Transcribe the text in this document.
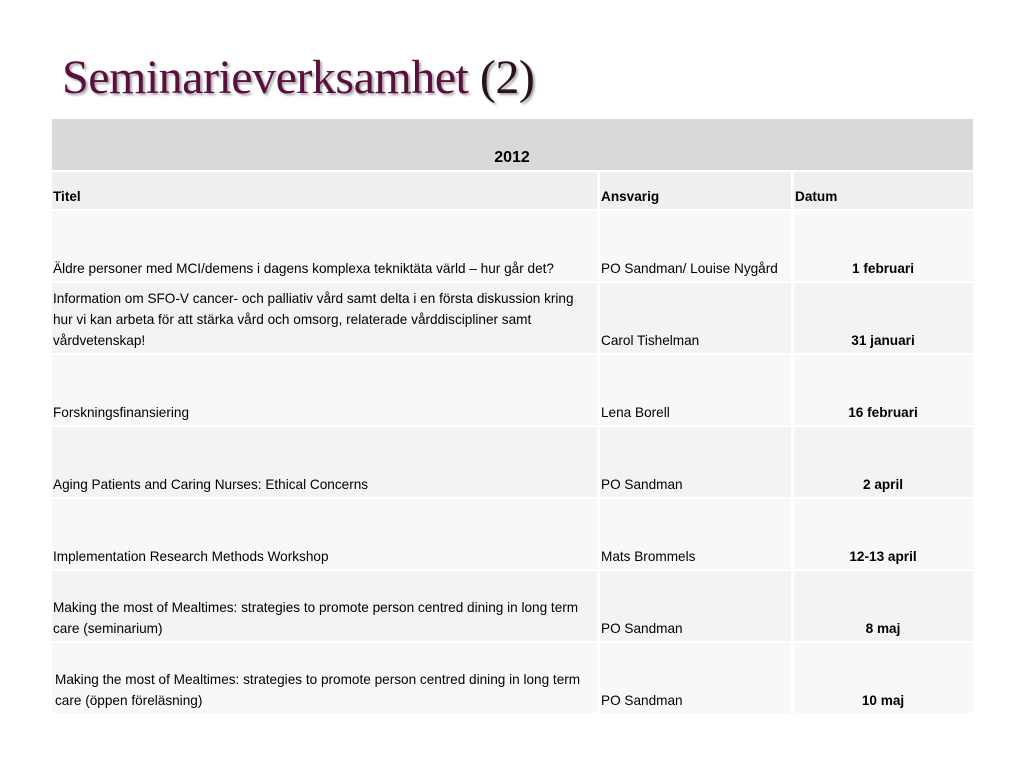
Seminarieverksamhet (2)
2012		
Titel	Ansvarig	Datum
Äldre personer med MCI/demens i dagens komplexa tekniktäta värld – hur går det?	PO Sandman/ Louise Nygård	1 februari
Information om SFO-V cancer- och palliativ vård samt delta i en första diskussion kring hur vi kan arbeta för att stärka vård och omsorg, relaterade vårddiscipliner samt vårdvetenskap!	Carol Tishelman	31 januari
Forskningsfinansiering	Lena Borell	16 februari
Aging Patients and Caring Nurses: Ethical Concerns	PO Sandman	2 april
Implementation Research Methods Workshop	Mats Brommels	12-13 april
Making the most of Mealtimes: strategies to promote person centred dining in long term care (seminarium)	PO Sandman	8 maj
Making the most of Mealtimes: strategies to promote person centred dining in long term care (öppen föreläsning)	PO Sandman	10 maj
